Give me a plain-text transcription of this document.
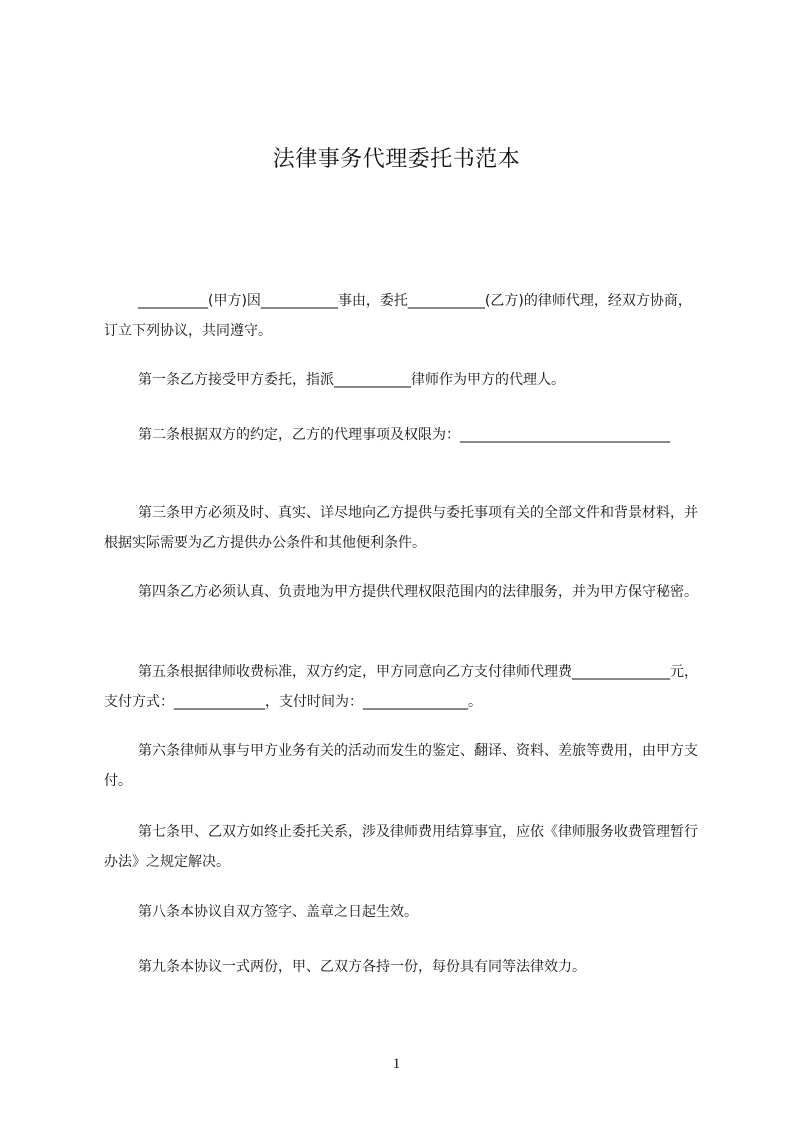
法律事务代理委托书范本
__________(甲方)因___________事由，委托___________(乙方)的律师代理，经双方协商，订立下列协议，共同遵守。
第一条乙方接受甲方委托，指派___________律师作为甲方的代理人。
第二条根据双方的约定，乙方的代理事项及权限为：______________________________
第三条甲方必须及时、真实、详尽地向乙方提供与委托事项有关的全部文件和背景材料，并根据实际需要为乙方提供办公条件和其他便利条件。
第四条乙方必须认真、负责地为甲方提供代理权限范围内的法律服务，并为甲方保守秘密。
第五条根据律师收费标准，双方约定，甲方同意向乙方支付律师代理费______________元，支付方式：_____________，支付时间为：_______________。
第六条律师从事与甲方业务有关的活动而发生的鉴定、翻译、资料、差旅等费用，由甲方支付。
第七条甲、乙双方如终止委托关系，涉及律师费用结算事宜，应依《律师服务收费管理暂行办法》之规定解决。
第八条本协议自双方签字、盖章之日起生效。
第九条本协议一式两份，甲、乙双方各持一份，每份具有同等法律效力。
1
